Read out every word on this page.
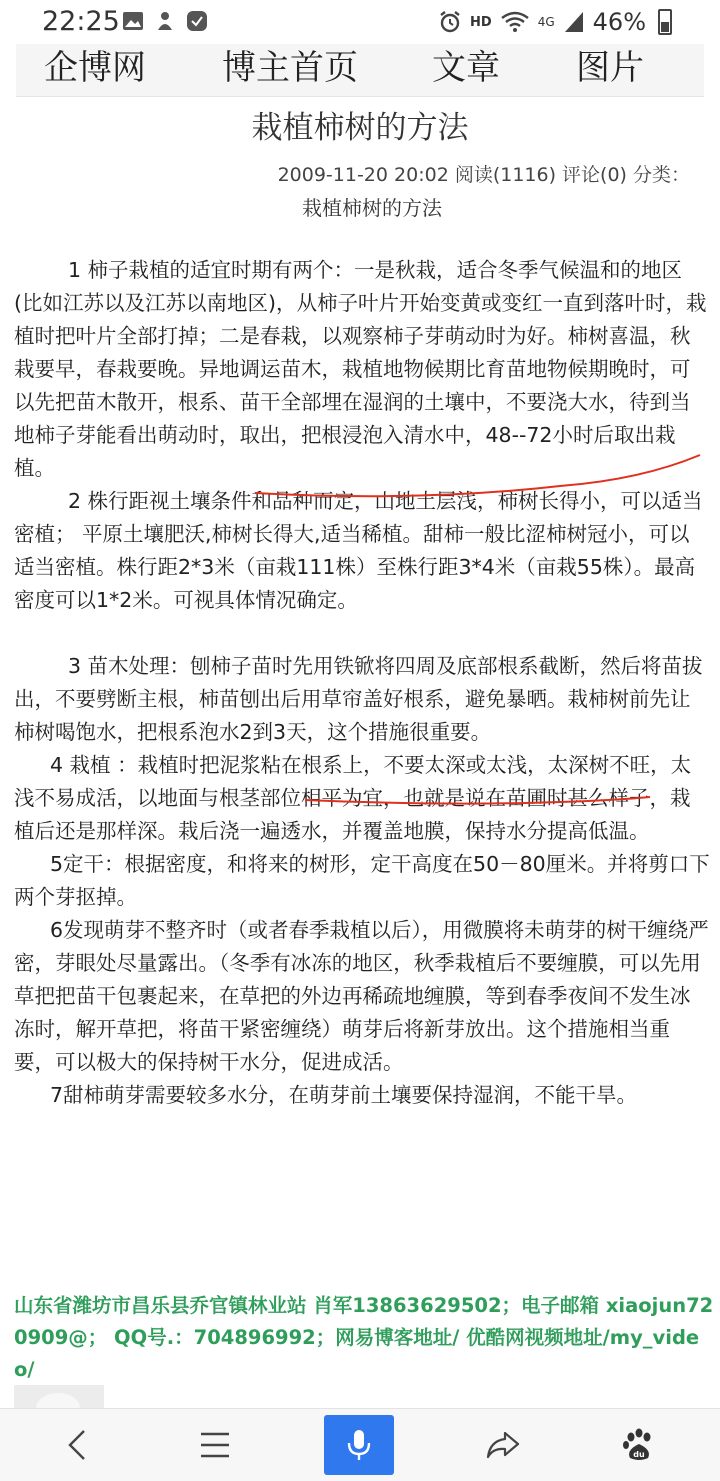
22:25	HD	4G 46%
企博网 博主首页 文章 图片
栽植柿树的方法
2009-11-20 20:02 阅读(1116) 评论(0) 分类：
栽植柿树的方法

1 柿子栽植的适宜时期有两个：一是秋栽，适合冬季气候温和的地区(比如江苏以及江苏以南地区)，从柿子叶片开始变黄或变红一直到落叶时，栽植时把叶片全部打掉；二是春栽，以观察柿子芽萌动时为好。柿树喜温，秋栽要早，春栽要晚。异地调运苗木，栽植地物候期比育苗地物候期晚时，可以先把苗木散开，根系、苗干全部埋在湿润的土壤中，不要浇大水，待到当地柿子芽能看出萌动时，取出，把根浸泡入清水中，48--72小时后取出栽植。

2 株行距视土壤条件和品种而定，山地土层浅，柿树长得小，可以适当密植； 平原土壤肥沃,柿树长得大,适当稀植。甜柿一般比涩柿树冠小，可以适当密植。株行距2*3米（亩栽111株）至株行距3*4米（亩栽55株）。最高密度可以1*2米。可视具体情况确定。

3 苗木处理：刨柿子苗时先用铁锨将四周及底部根系截断，然后将苗拔出，不要劈断主根，柿苗刨出后用草帘盖好根系，避免暴晒。栽柿树前先让柿树喝饱水，把根系泡水2到3天，这个措施很重要。

4 栽植 ：栽植时把泥浆粘在根系上，不要太深或太浅，太深树不旺，太浅不易成活，以地面与根茎部位相平为宜，也就是说在苗圃时甚么样子，栽植后还是那样深。栽后浇一遍透水，并覆盖地膜，保持水分提高低温。

5定干：根据密度，和将来的树形，定干高度在50－80厘米。并将剪口下两个芽抠掉。

6发现萌芽不整齐时（或者春季栽植以后），用微膜将未萌芽的树干缠绕严密，芽眼处尽量露出。（冬季有冰冻的地区，秋季栽植后不要缠膜，可以先用草把把苗干包裹起来，在草把的外边再稀疏地缠膜，等到春季夜间不发生冰冻时，解开草把，将苗干紧密缠绕）萌芽后将新芽放出。这个措施相当重要，可以极大的保持树干水分，促进成活。

7甜柿萌芽需要较多水分，在萌芽前土壤要保持湿润，不能干旱。

山东省潍坊市昌乐县乔官镇林业站 肖军13863629502；电子邮箱 xiaojun720909@； QQ号.：704896992；网易博客地址/ 优酷网视频地址/my_video/
du
